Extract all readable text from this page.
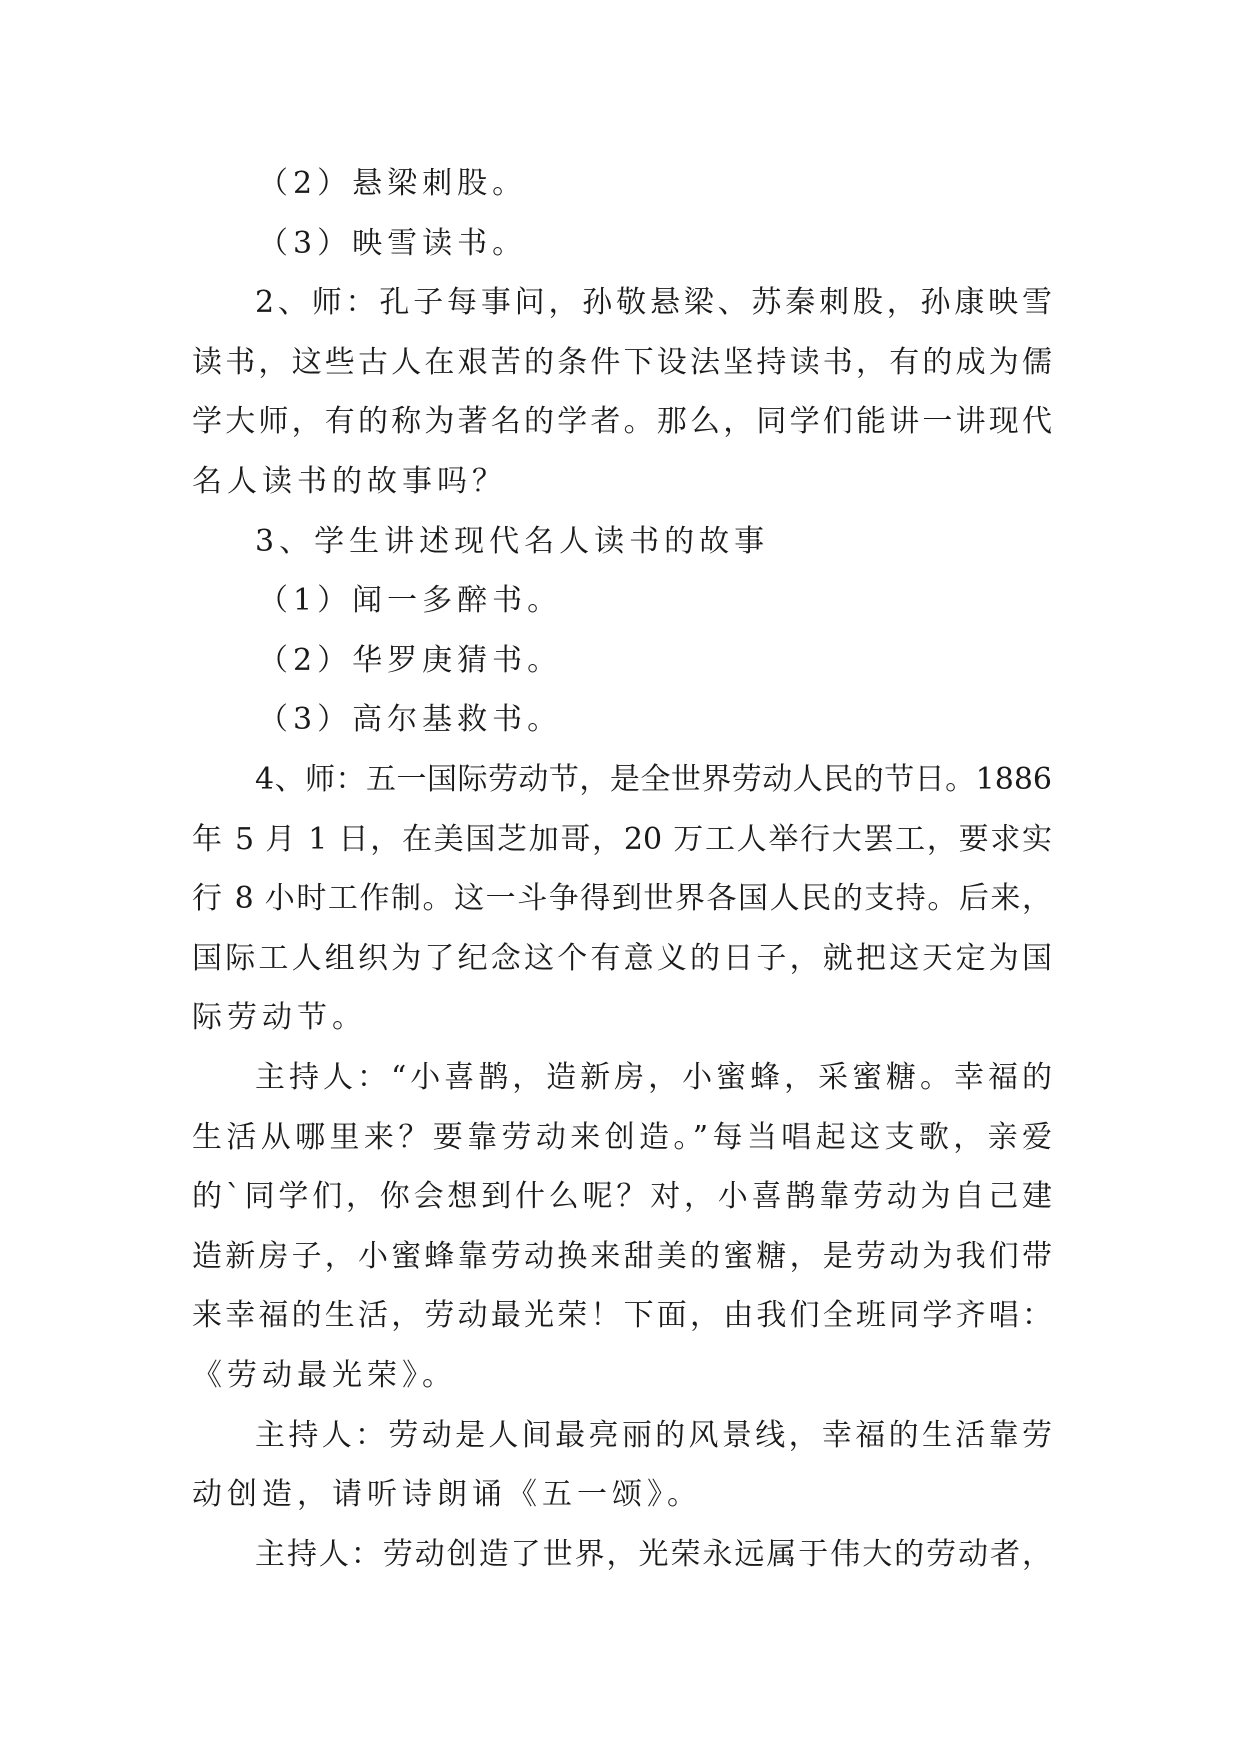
（2）悬梁刺股。
（3）映雪读书。
2、师：孔子每事问，孙敬悬梁、苏秦刺股，孙康映雪
读书，这些古人在艰苦的条件下设法坚持读书，有的成为儒
学大师，有的称为著名的学者。那么，同学们能讲一讲现代
名人读书的故事吗？
3、学生讲述现代名人读书的故事
（1）闻一多醉书。
（2）华罗庚猜书。
（3）高尔基救书。
4、师：五一国际劳动节，是全世界劳动人民的节日。1886
年 5 月 1 日，在美国芝加哥，20 万工人举行大罢工，要求实
行 8 小时工作制。这一斗争得到世界各国人民的支持。后来，
国际工人组织为了纪念这个有意义的日子，就把这天定为国
际劳动节。
主持人：“小喜鹊，造新房，小蜜蜂，采蜜糖。幸福的
生活从哪里来？要靠劳动来创造。”每当唱起这支歌，亲爱
的`同学们，你会想到什么呢？对，小喜鹊靠劳动为自己建
造新房子，小蜜蜂靠劳动换来甜美的蜜糖，是劳动为我们带
来幸福的生活，劳动最光荣！下面，由我们全班同学齐唱：
《劳动最光荣》。
主持人：劳动是人间最亮丽的风景线，幸福的生活靠劳
动创造，请听诗朗诵《五一颂》。
主持人：劳动创造了世界，光荣永远属于伟大的劳动者，
